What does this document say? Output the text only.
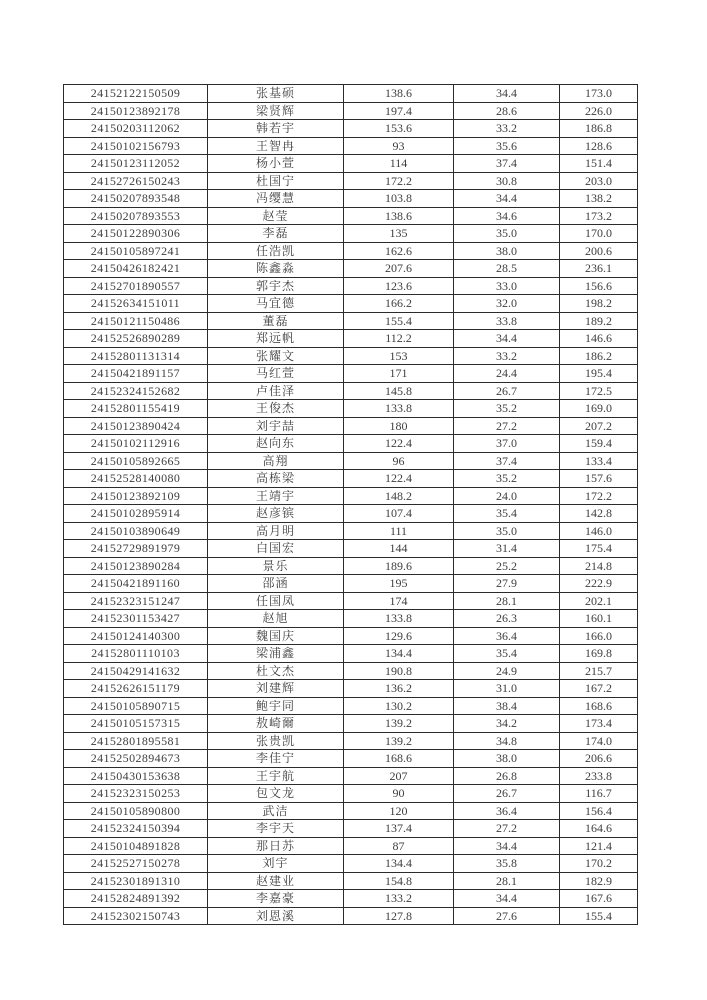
24152122150509	张基硕	138.6	34.4	173.0
24150123892178	梁贤辉	197.4	28.6	226.0
24150203112062	韩若宇	153.6	33.2	186.8
24150102156793	王智冉	93	35.6	128.6
24150123112052	杨小萱	114	37.4	151.4
24152726150243	杜国宁	172.2	30.8	203.0
24150207893548	冯缨慧	103.8	34.4	138.2
24150207893553	赵莹	138.6	34.6	173.2
24150122890306	李磊	135	35.0	170.0
24150105897241	任浩凯	162.6	38.0	200.6
24150426182421	陈鑫淼	207.6	28.5	236.1
24152701890557	郭宇杰	123.6	33.0	156.6
24152634151011	马宜德	166.2	32.0	198.2
24150121150486	董磊	155.4	33.8	189.2
24152526890289	郑远帆	112.2	34.4	146.6
24152801131314	张耀文	153	33.2	186.2
24150421891157	马红萱	171	24.4	195.4
24152324152682	卢佳泽	145.8	26.7	172.5
24152801155419	王俊杰	133.8	35.2	169.0
24150123890424	刘宇喆	180	27.2	207.2
24150102112916	赵向东	122.4	37.0	159.4
24150105892665	高翔	96	37.4	133.4
24152528140080	高栋梁	122.4	35.2	157.6
24150123892109	王靖宇	148.2	24.0	172.2
24150102895914	赵彦镔	107.4	35.4	142.8
24150103890649	高月明	111	35.0	146.0
24152729891979	白国宏	144	31.4	175.4
24150123890284	景乐	189.6	25.2	214.8
24150421891160	邵涵	195	27.9	222.9
24152323151247	任国凤	174	28.1	202.1
24152301153427	赵旭	133.8	26.3	160.1
24150124140300	魏国庆	129.6	36.4	166.0
24152801110103	梁浦鑫	134.4	35.4	169.8
24150429141632	杜文杰	190.8	24.9	215.7
24152626151179	刘建辉	136.2	31.0	167.2
24150105890715	鲍宇同	130.2	38.4	168.6
24150105157315	敖崎爾	139.2	34.2	173.4
24152801895581	张贵凯	139.2	34.8	174.0
24152502894673	李佳宁	168.6	38.0	206.6
24150430153638	王宇航	207	26.8	233.8
24152323150253	包文龙	90	26.7	116.7
24150105890800	武洁	120	36.4	156.4
24152324150394	李宇天	137.4	27.2	164.6
24150104891828	那日苏	87	34.4	121.4
24152527150278	刘宇	134.4	35.8	170.2
24152301891310	赵建业	154.8	28.1	182.9
24152824891392	李嘉豪	133.2	34.4	167.6
24152302150743	刘恩溪	127.8	27.6	155.4
